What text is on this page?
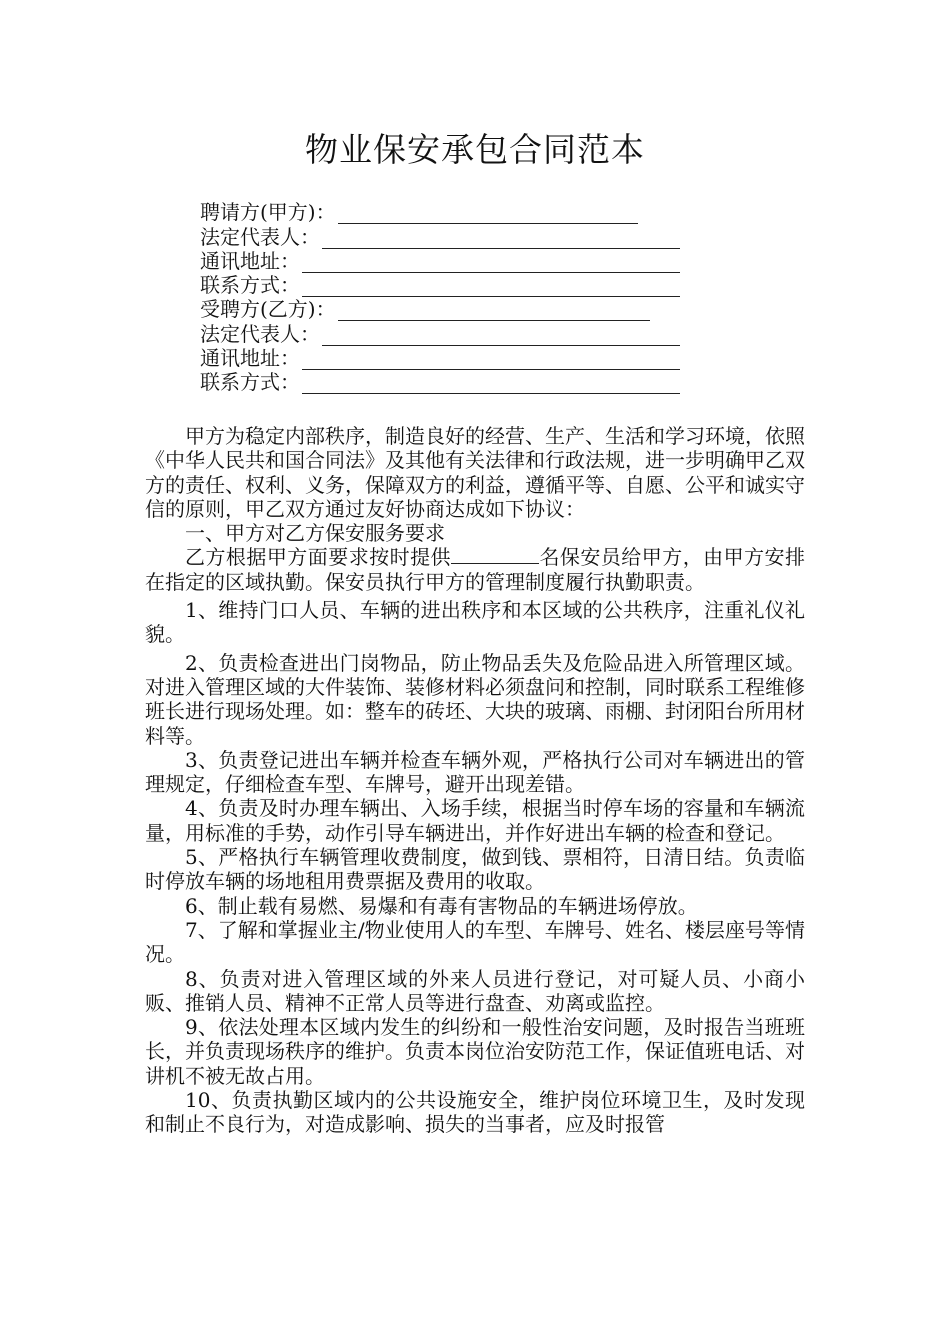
物业保安承包合同范本
聘请方(甲方)：
法定代表人：
通讯地址：
联系方式：
受聘方(乙方)：
法定代表人：
通讯地址：
联系方式：

甲方为稳定内部秩序，制造良好的经营、生产、生活和学习环境，依照《中华人民共和国合同法》及其他有关法律和行政法规，进一步明确甲乙双方的责任、权利、义务，保障双方的利益，遵循平等、自愿、公平和诚实守信的原则，甲乙双方通过友好协商达成如下协议：

一、甲方对乙方保安服务要求

乙方根据甲方面要求按时提供	名保安员给甲方，由甲方安排在指定的区域执勤。保安员执行甲方的管理制度履行执勤职责。

1、维持门口人员、车辆的进出秩序和本区域的公共秩序，注重礼仪礼貌。

2、负责检查进出门岗物品，防止物品丢失及危险品进入所管理区域。对进入管理区域的大件装饰、装修材料必须盘问和控制，同时联系工程维修班长进行现场处理。如：整车的砖坯、大块的玻璃、雨棚、封闭阳台所用材料等。

3、负责登记进出车辆并检查车辆外观，严格执行公司对车辆进出的管理规定，仔细检查车型、车牌号，避开出现差错。

4、负责及时办理车辆出、入场手续，根据当时停车场的容量和车辆流量，用标准的手势，动作引导车辆进出，并作好进出车辆的检查和登记。

5、严格执行车辆管理收费制度，做到钱、票相符，日清日结。负责临时停放车辆的场地租用费票据及费用的收取。

6、制止载有易燃、易爆和有毒有害物品的车辆进场停放。

7、了解和掌握业主/物业使用人的车型、车牌号、姓名、楼层座号等情况。

8、负责对进入管理区域的外来人员进行登记，对可疑人员、小商小贩、推销人员、精神不正常人员等进行盘查、劝离或监控。

9、依法处理本区域内发生的纠纷和一般性治安问题，及时报告当班班长，并负责现场秩序的维护。负责本岗位治安防范工作，保证值班电话、对讲机不被无故占用。

10、负责执勤区域内的公共设施安全，维护岗位环境卫生，及时发现和制止不良行为，对造成影响、损失的当事者，应及时报管
